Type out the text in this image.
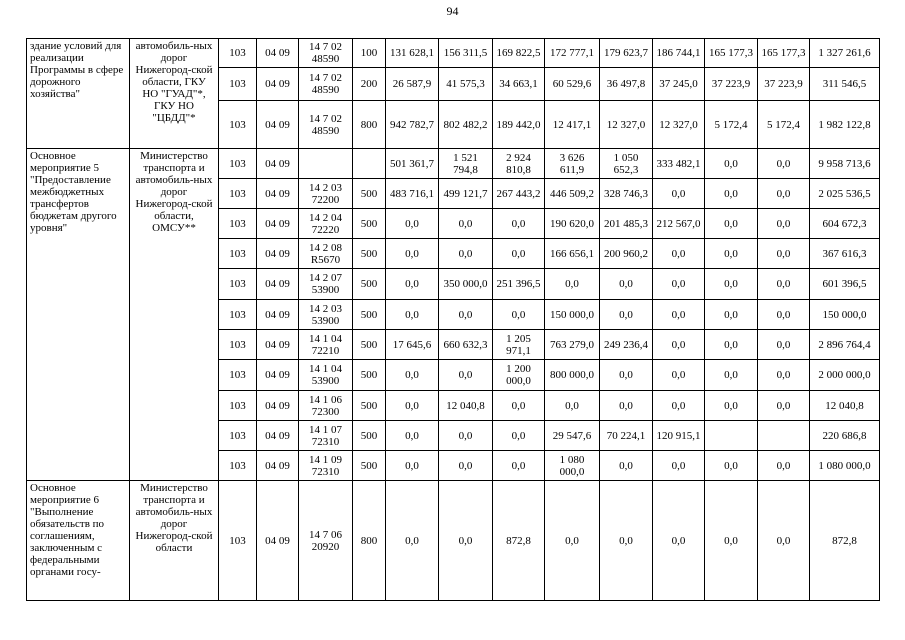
94
здание условий для реализации Программы в сфере дорожного хозяйства"	автомобиль-ных дорог Нижегород-ской области, ГКУ НО "ГУАД"*, ГКУ НО "ЦБДД"*	103	04 09	14 7 02 48590	100	131 628,1	156 311,5	169 822,5	172 777,1	179 623,7	186 744,1	165 177,3	165 177,3	1 327 261,6
		103	04 09	14 7 02 48590	200	26 587,9	41 575,3	34 663,1	60 529,6	36 497,8	37 245,0	37 223,9	37 223,9	311 546,5
		103	04 09	14 7 02 48590	800	942 782,7	802 482,2	189 442,0	12 417,1	12 327,0	12 327,0	5 172,4	5 172,4	1 982 122,8
Основное мероприятие 5 "Предоставление межбюджетных трансфертов бюджетам другого уровня"	Министерство транспорта и автомобиль-ных дорог Нижегород-ской области, ОМСУ**	103	04 09			501 361,7	1 521 794,8	2 924 810,8	3 626 611,9	1 050 652,3	333 482,1	0,0	0,0	9 958 713,6
		103	04 09	14 2 03 72200	500	483 716,1	499 121,7	267 443,2	446 509,2	328 746,3	0,0	0,0	0,0	2 025 536,5
		103	04 09	14 2 04 72220	500	0,0	0,0	0,0	190 620,0	201 485,3	212 567,0	0,0	0,0	604 672,3
		103	04 09	14 2 08 R5670	500	0,0	0,0	0,0	166 656,1	200 960,2	0,0	0,0	0,0	367 616,3
		103	04 09	14 2 07 53900	500	0,0	350 000,0	251 396,5	0,0	0,0	0,0	0,0	0,0	601 396,5
		103	04 09	14 2 03 53900	500	0,0	0,0	0,0	150 000,0	0,0	0,0	0,0	0,0	150 000,0
		103	04 09	14 1 04 72210	500	17 645,6	660 632,3	1 205 971,1	763 279,0	249 236,4	0,0	0,0	0,0	2 896 764,4
		103	04 09	14 1 04 53900	500	0,0	0,0	1 200 000,0	800 000,0	0,0	0,0	0,0	0,0	2 000 000,0
		103	04 09	14 1 06 72300	500	0,0	12 040,8	0,0	0,0	0,0	0,0	0,0	0,0	12 040,8
		103	04 09	14 1 07 72310	500	0,0	0,0	0,0	29 547,6	70 224,1	120 915,1			220 686,8
		103	04 09	14 1 09 72310	500	0,0	0,0	0,0	1 080 000,0	0,0	0,0	0,0	0,0	1 080 000,0
Основное мероприятие 6 "Выполнение обязательств по соглашениям, заключенным с федеральными органами госу-	Министерство транспорта и автомобиль-ных дорог Нижегород-ской области	103	04 09	14 7 06 20920	800	0,0	0,0	872,8	0,0	0,0	0,0	0,0	0,0	872,8
